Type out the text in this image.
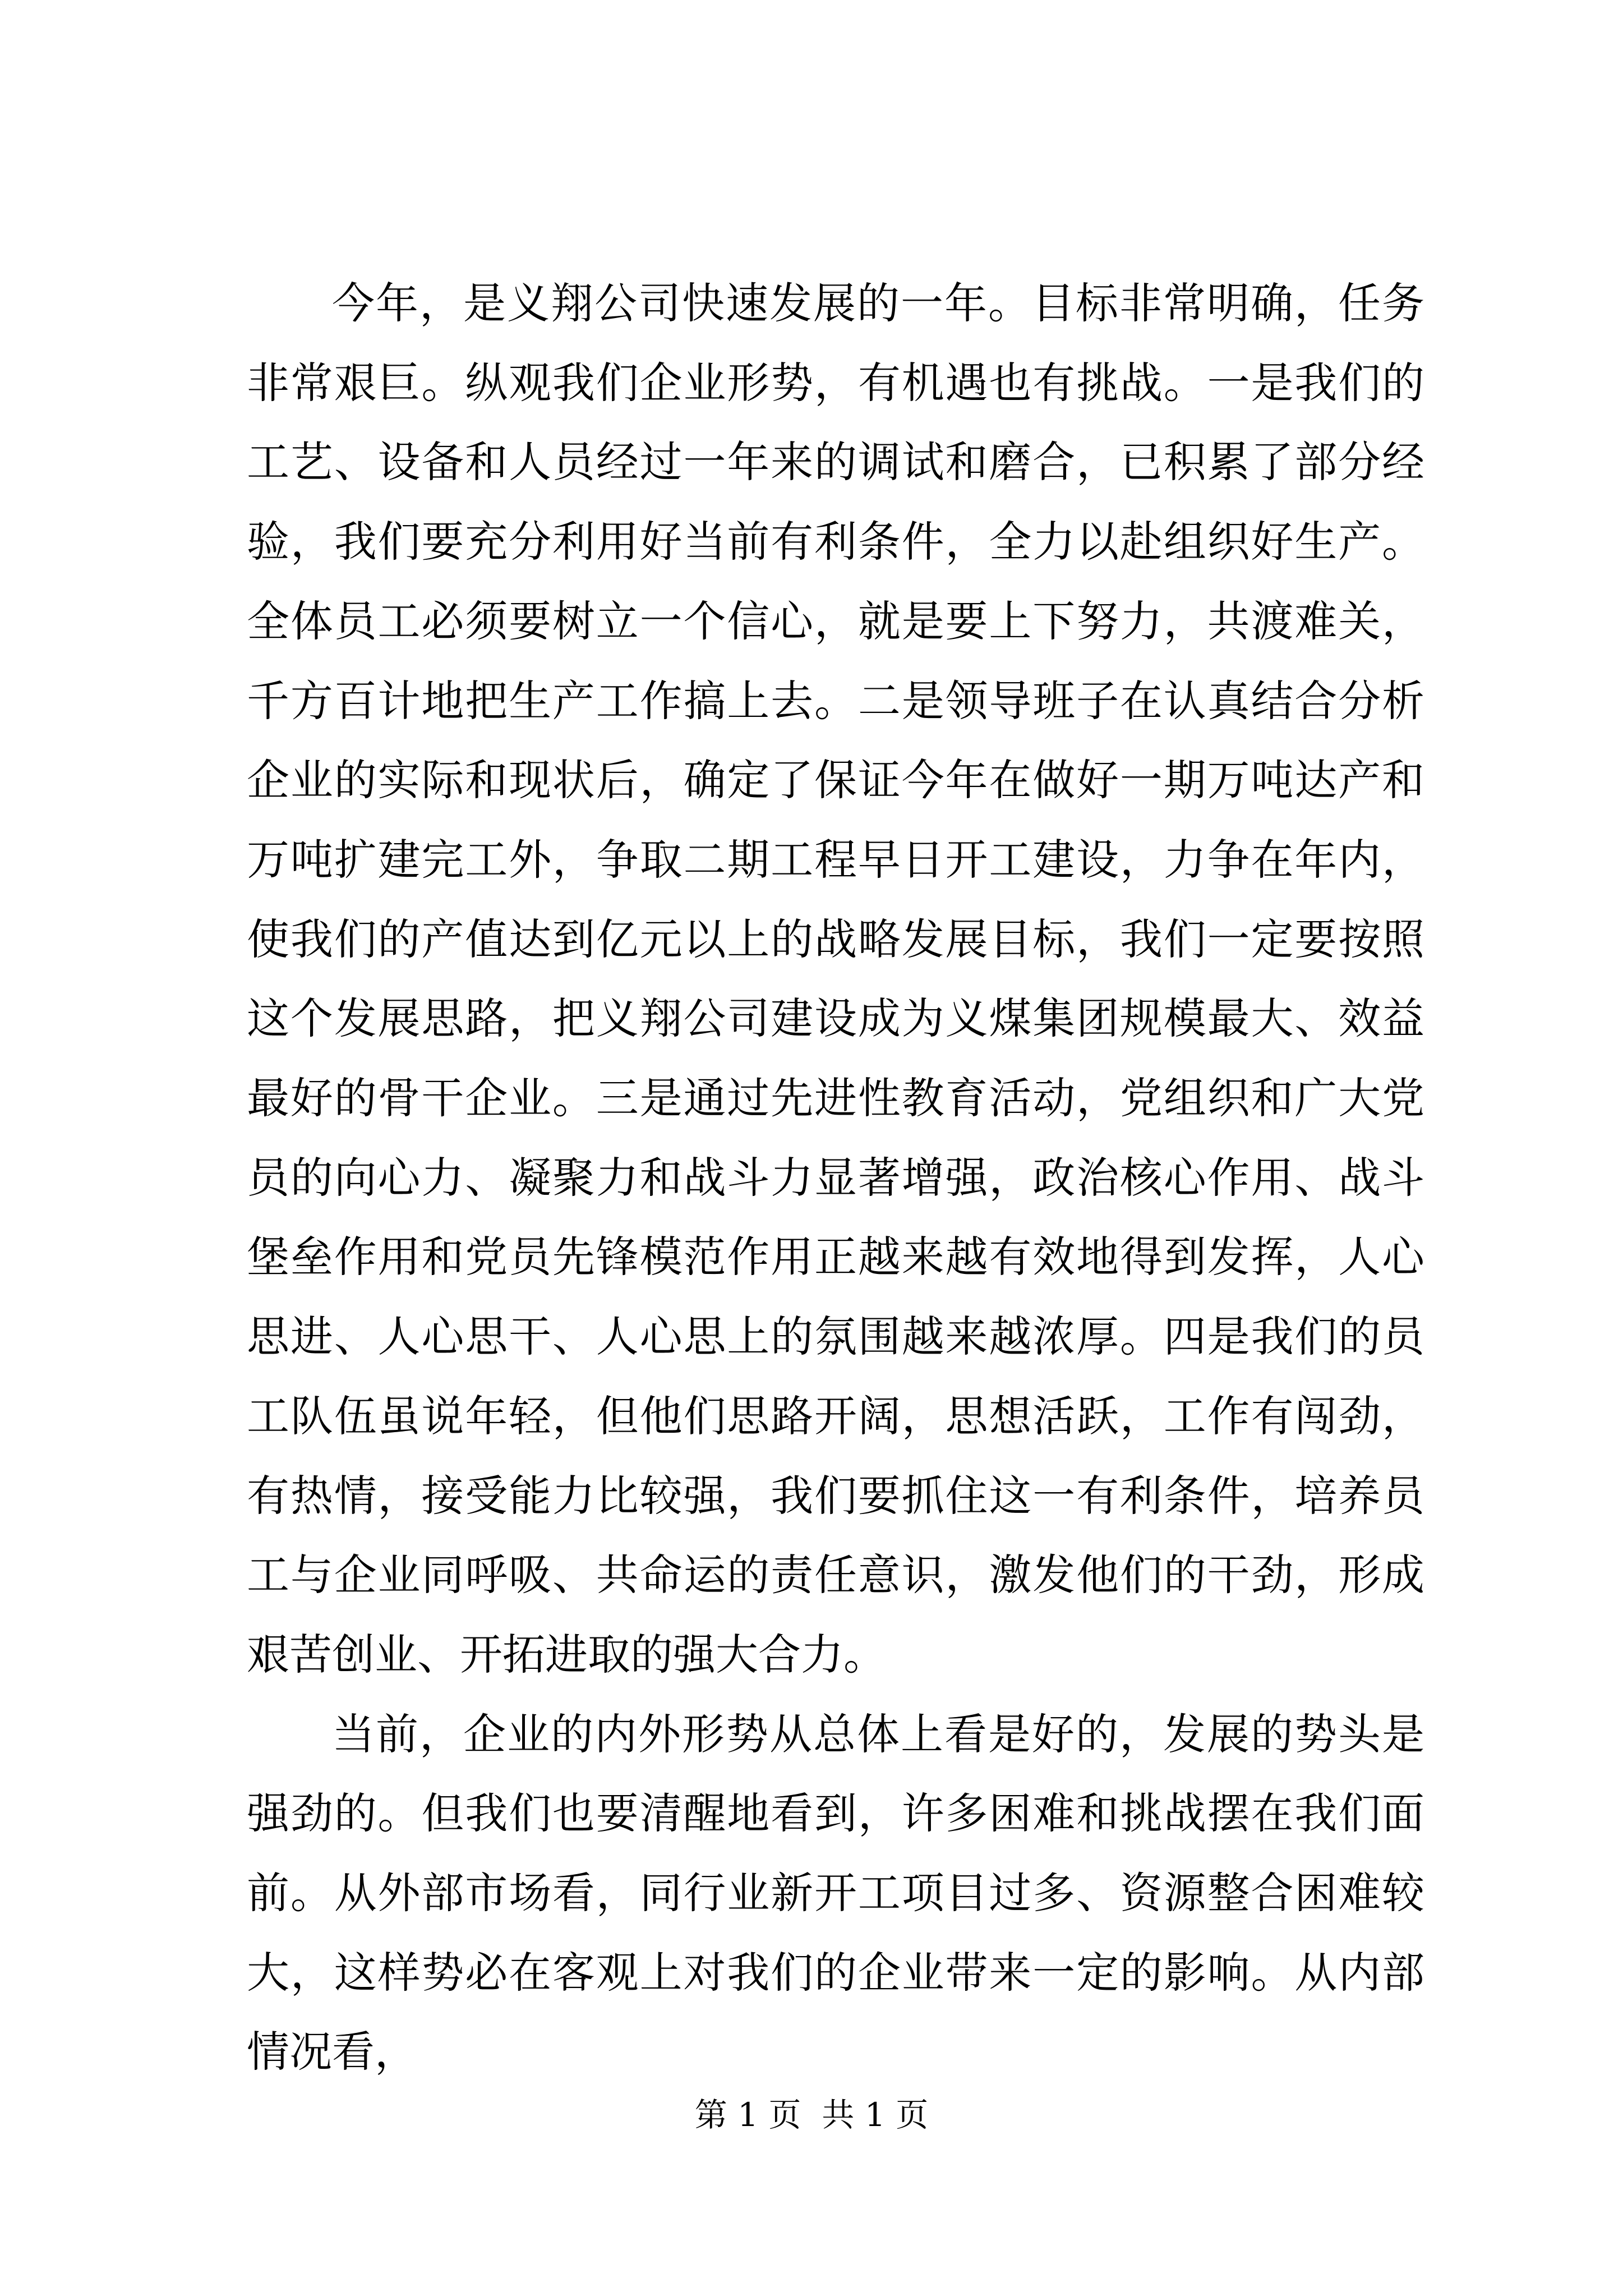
今年，是义翔公司快速发展的一年。目标非常明确，任务非常艰巨。纵观我们企业形势，有机遇也有挑战。一是我们的工艺、设备和人员经过一年来的调试和磨合，已积累了部分经验，我们要充分利用好当前有利条件，全力以赴组织好生产。全体员工必须要树立一个信心，就是要上下努力，共渡难关，千方百计地把生产工作搞上去。二是领导班子在认真结合分析企业的实际和现状后，确定了保证今年在做好一期万吨达产和万吨扩建完工外，争取二期工程早日开工建设，力争在年内，使我们的产值达到亿元以上的战略发展目标，我们一定要按照这个发展思路，把义翔公司建设成为义煤集团规模最大、效益最好的骨干企业。三是通过先进性教育活动，党组织和广大党员的向心力、凝聚力和战斗力显著增强，政治核心作用、战斗堡垒作用和党员先锋模范作用正越来越有效地得到发挥，人心思进、人心思干、人心思上的氛围越来越浓厚。四是我们的员工队伍虽说年轻，但他们思路开阔，思想活跃，工作有闯劲，有热情，接受能力比较强，我们要抓住这一有利条件，培养员工与企业同呼吸、共命运的责任意识，激发他们的干劲，形成艰苦创业、开拓进取的强大合力。

当前，企业的内外形势从总体上看是好的，发展的势头是强劲的。但我们也要清醒地看到，许多困难和挑战摆在我们面前。从外部市场看，同行业新开工项目过多、资源整合困难较大，这样势必在客观上对我们的企业带来一定的影响。从内部情况看，

第 1 页  共 1 页
